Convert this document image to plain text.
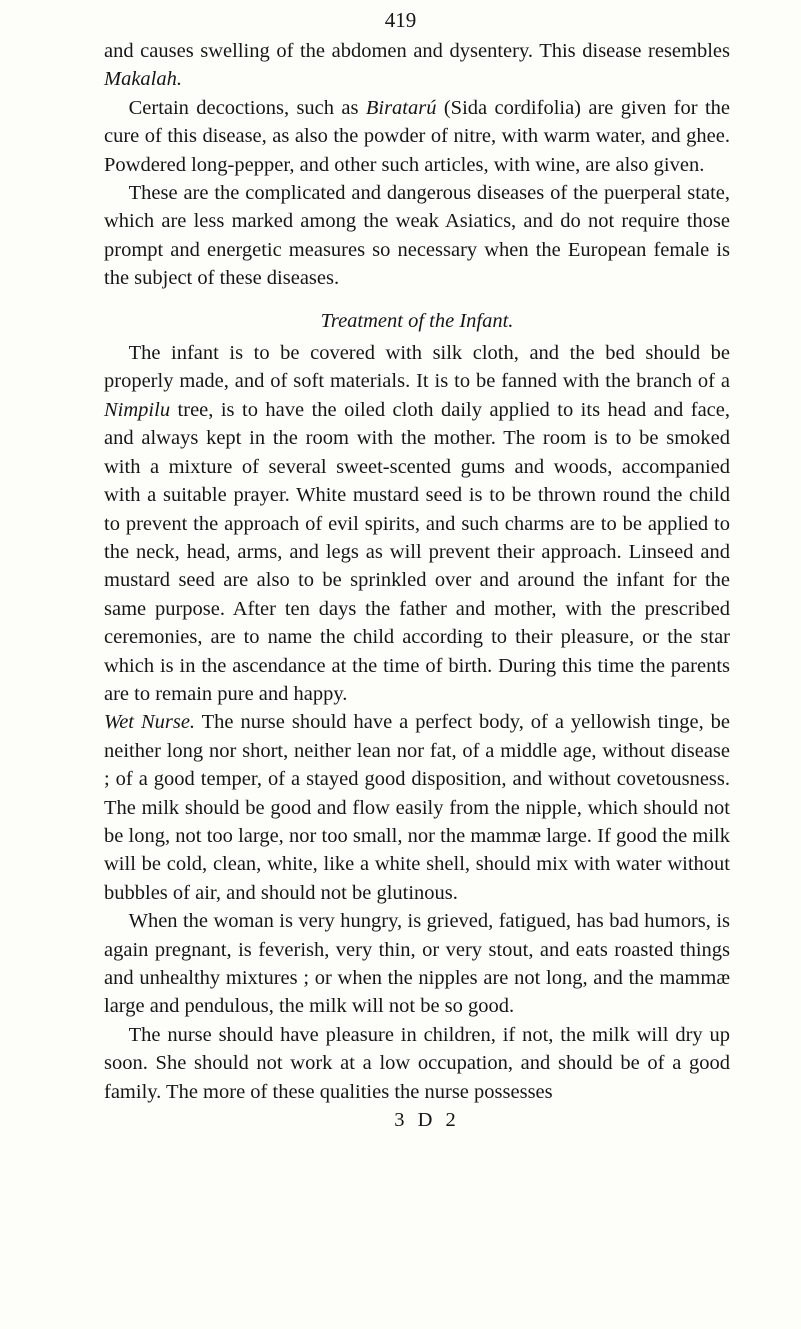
419

and causes swelling of the abdomen and dysentery. This disease resembles Makalah.

Certain decoctions, such as Biratarú (Sida cordifolia) are given for the cure of this disease, as also the powder of nitre, with warm water, and ghee. Powdered long-pepper, and other such articles, with wine, are also given.

These are the complicated and dangerous diseases of the puerperal state, which are less marked among the weak Asiatics, and do not require those prompt and energetic measures so necessary when the European female is the subject of these diseases.

Treatment of the Infant.

The infant is to be covered with silk cloth, and the bed should be properly made, and of soft materials. It is to be fanned with the branch of a Nimpilu tree, is to have the oiled cloth daily applied to its head and face, and always kept in the room with the mother. The room is to be smoked with a mixture of several sweet-scented gums and woods, accompanied with a suitable prayer. White mustard seed is to be thrown round the child to prevent the approach of evil spirits, and such charms are to be applied to the neck, head, arms, and legs as will prevent their approach. Linseed and mustard seed are also to be sprinkled over and around the infant for the same purpose. After ten days the father and mother, with the prescribed ceremonies, are to name the child according to their pleasure, or the star which is in the ascendance at the time of birth. During this time the parents are to remain pure and happy.

Wet Nurse. The nurse should have a perfect body, of a yellowish tinge, be neither long nor short, neither lean nor fat, of a middle age, without disease ; of a good temper, of a stayed good disposition, and without covetousness. The milk should be good and flow easily from the nipple, which should not be long, not too large, nor too small, nor the mammæ large. If good the milk will be cold, clean, white, like a white shell, should mix with water without bubbles of air, and should not be glutinous.

When the woman is very hungry, is grieved, fatigued, has bad humors, is again pregnant, is feverish, very thin, or very stout, and eats roasted things and unhealthy mixtures ; or when the nipples are not long, and the mammæ large and pendulous, the milk will not be so good.

The nurse should have pleasure in children, if not, the milk will dry up soon. She should not work at a low occupation, and should be of a good family. The more of these qualities the nurse possesses

3 D 2
